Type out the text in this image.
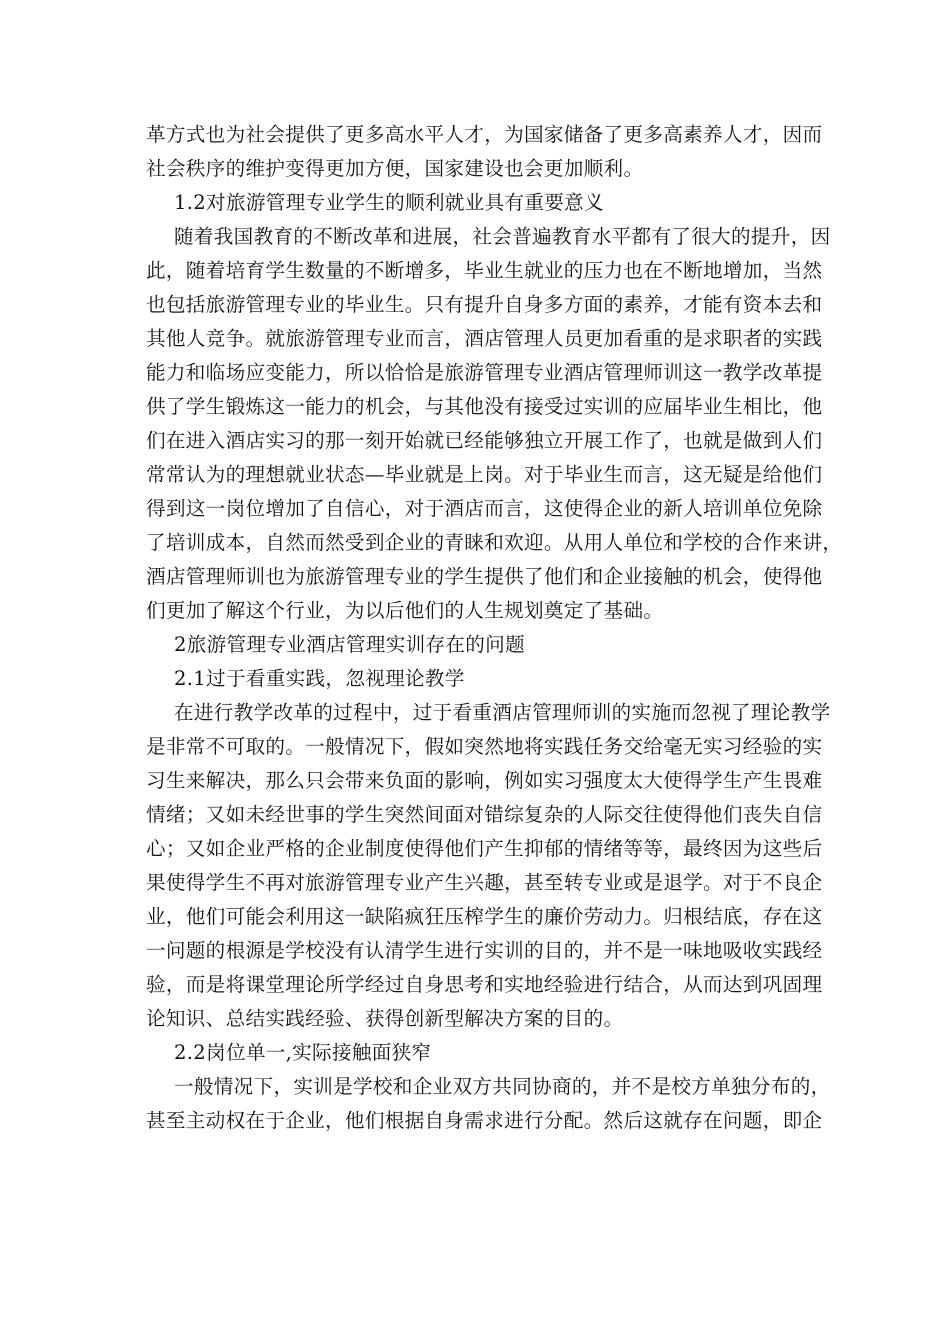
革方式也为社会提供了更多高水平人才，为国家储备了更多高素养人才，因而
社会秩序的维护变得更加方便，国家建设也会更加顺利。
1.2对旅游管理专业学生的顺利就业具有重要意义
随着我国教育的不断改革和进展，社会普遍教育水平都有了很大的提升，因
此，随着培育学生数量的不断增多，毕业生就业的压力也在不断地增加，当然
也包括旅游管理专业的毕业生。只有提升自身多方面的素养，才能有资本去和
其他人竞争。就旅游管理专业而言，酒店管理人员更加看重的是求职者的实践
能力和临场应变能力，所以恰恰是旅游管理专业酒店管理师训这一教学改革提
供了学生锻炼这一能力的机会，与其他没有接受过实训的应届毕业生相比，他
们在进入酒店实习的那一刻开始就已经能够独立开展工作了，也就是做到人们
常常认为的理想就业状态—毕业就是上岗。对于毕业生而言，这无疑是给他们
得到这一岗位增加了自信心，对于酒店而言，这使得企业的新人培训单位免除
了培训成本，自然而然受到企业的青睐和欢迎。从用人单位和学校的合作来讲，
酒店管理师训也为旅游管理专业的学生提供了他们和企业接触的机会，使得他
们更加了解这个行业，为以后他们的人生规划奠定了基础。
2旅游管理专业酒店管理实训存在的问题
2.1过于看重实践，忽视理论教学
在进行教学改革的过程中，过于看重酒店管理师训的实施而忽视了理论教学
是非常不可取的。一般情况下，假如突然地将实践任务交给毫无实习经验的实
习生来解决，那么只会带来负面的影响，例如实习强度太大使得学生产生畏难
情绪；又如未经世事的学生突然间面对错综复杂的人际交往使得他们丧失自信
心；又如企业严格的企业制度使得他们产生抑郁的情绪等等，最终因为这些后
果使得学生不再对旅游管理专业产生兴趣，甚至转专业或是退学。对于不良企
业，他们可能会利用这一缺陷疯狂压榨学生的廉价劳动力。归根结底，存在这
一问题的根源是学校没有认清学生进行实训的目的，并不是一味地吸收实践经
验，而是将课堂理论所学经过自身思考和实地经验进行结合，从而达到巩固理
论知识、总结实践经验、获得创新型解决方案的目的。
2.2岗位单一,实际接触面狭窄
一般情况下，实训是学校和企业双方共同协商的，并不是校方单独分布的，
甚至主动权在于企业，他们根据自身需求进行分配。然后这就存在问题，即企
